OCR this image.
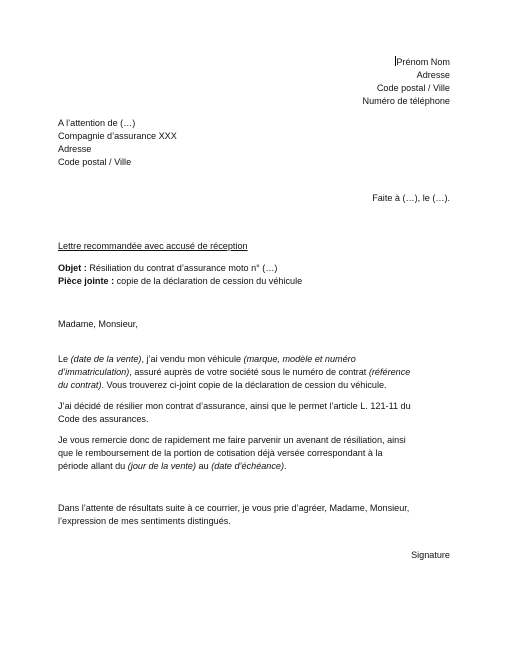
Prénom Nom
Adresse
Code postal / Ville
Numéro de téléphone
A l’attention de (…)
Compagnie d’assurance XXX
Adresse
Code postal / Ville
Faite à (…), le (…).
Lettre recommandée avec accusé de réception
Objet : Résiliation du contrat d’assurance moto n° (…)
Pièce jointe : copie de la déclaration de cession du véhicule
Madame, Monsieur,
Le (date de la vente), j’ai vendu mon véhicule (marque, modèle et numéro
d’immatriculation), assuré auprès de votre société sous le numéro de contrat (référence
du contrat). Vous trouverez ci-joint copie de la déclaration de cession du véhicule.
J’ai décidé de résilier mon contrat d’assurance, ainsi que le permet l’article L. 121-11 du
Code des assurances.
Je vous remercie donc de rapidement me faire parvenir un avenant de résiliation, ainsi
que le remboursement de la portion de cotisation déjà versée correspondant à la
période allant du (jour de la vente) au (date d’échéance).
Dans l’attente de résultats suite à ce courrier, je vous prie d’agréer, Madame, Monsieur,
l’expression de mes sentiments distingués.
Signature
